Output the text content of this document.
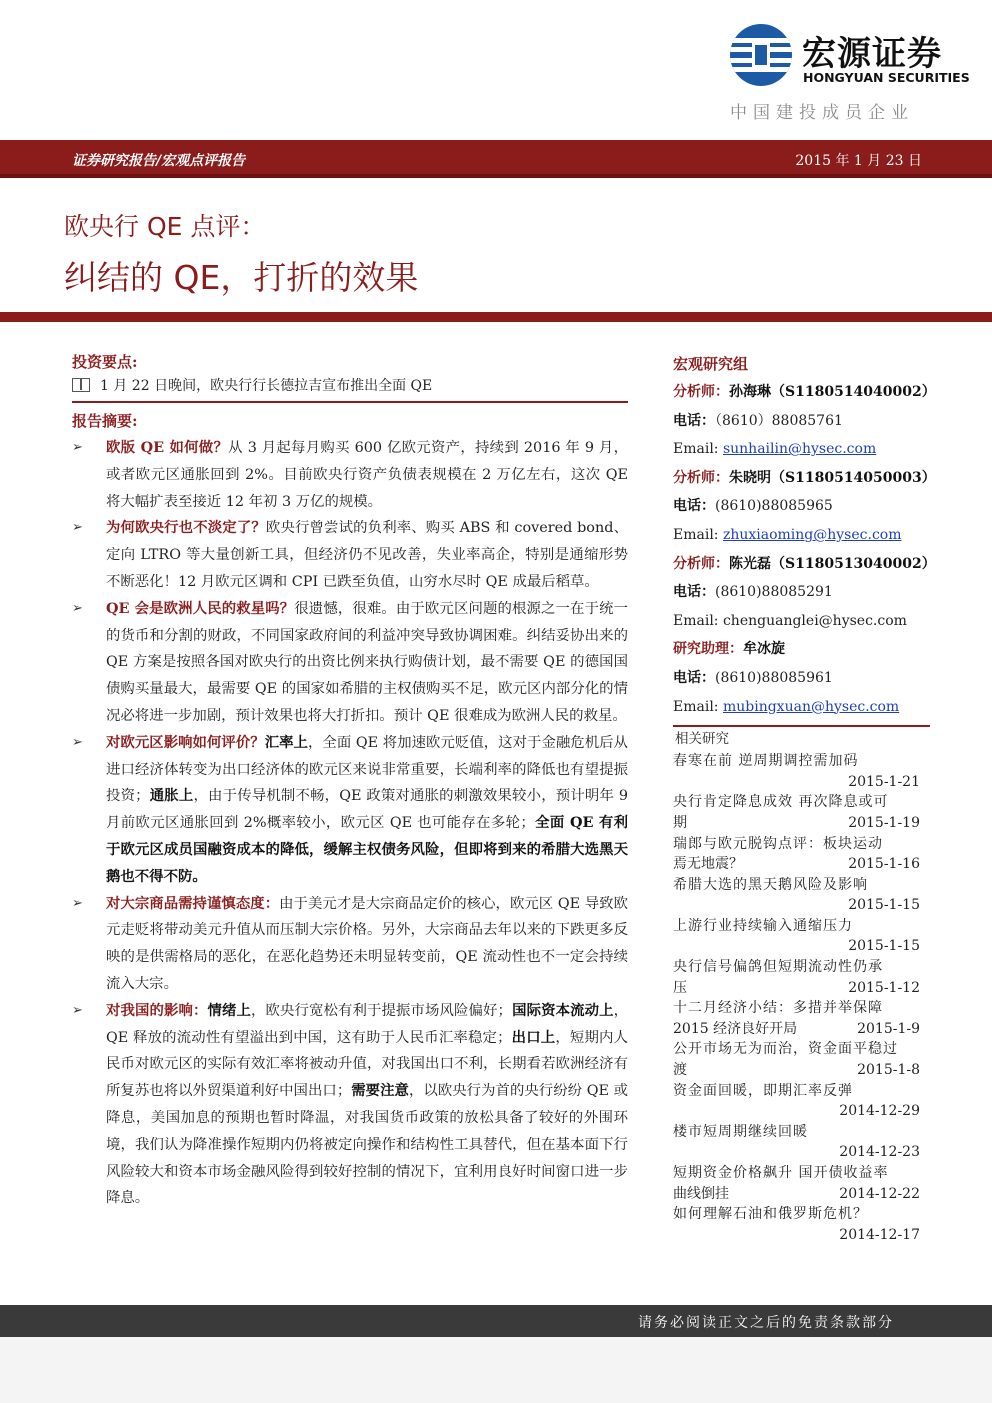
宏源证券
HONGYUAN SECURITIES
中国建投成员企业
证券研究报告/宏观点评报告	2015 年 1 月 23 日
欧央行 QE 点评：
纠结的 QE，打折的效果
投资要点:
1 月 22 日晚间，欧央行行长德拉吉宣布推出全面 QE
报告摘要:
➢ 欧版 QE 如何做？从 3 月起每月购买 600 亿欧元资产，持续到 2016 年 9 月，或者欧元区通胀回到 2%。目前欧央行资产负债表规模在 2 万亿左右，这次 QE 将大幅扩表至接近 12 年初 3 万亿的规模。
➢ 为何欧央行也不淡定了？欧央行曾尝试的负利率、购买 ABS 和 covered bond、定向 LTRO 等大量创新工具，但经济仍不见改善，失业率高企，特别是通缩形势不断恶化！12 月欧元区调和 CPI 已跌至负值，山穷水尽时 QE 成最后稻草。
➢ QE 会是欧洲人民的救星吗？很遗憾，很难。由于欧元区问题的根源之一在于统一的货币和分割的财政，不同国家政府间的利益冲突导致协调困难。纠结妥协出来的 QE 方案是按照各国对欧央行的出资比例来执行购债计划，最不需要 QE 的德国国债购买量最大，最需要 QE 的国家如希腊的主权债购买不足，欧元区内部分化的情况必将进一步加剧，预计效果也将大打折扣。预计 QE 很难成为欧洲人民的救星。
➢ 对欧元区影响如何评价？汇率上，全面 QE 将加速欧元贬值，这对于金融危机后从进口经济体转变为出口经济体的欧元区来说非常重要，长端利率的降低也有望提振投资；通胀上，由于传导机制不畅，QE 政策对通胀的刺激效果较小，预计明年 9 月前欧元区通胀回到 2%概率较小，欧元区 QE 也可能存在多轮；全面 QE 有利于欧元区成员国融资成本的降低，缓解主权债务风险，但即将到来的希腊大选黑天鹅也不得不防。
➢ 对大宗商品需持谨慎态度：由于美元才是大宗商品定价的核心，欧元区 QE 导致欧元走贬将带动美元升值从而压制大宗价格。另外，大宗商品去年以来的下跌更多反映的是供需格局的恶化，在恶化趋势还未明显转变前，QE 流动性也不一定会持续流入大宗。
➢ 对我国的影响：情绪上，欧央行宽松有利于提振市场风险偏好；国际资本流动上，QE 释放的流动性有望溢出到中国，这有助于人民币汇率稳定；出口上，短期内人民币对欧元区的实际有效汇率将被动升值，对我国出口不利，长期看若欧洲经济有所复苏也将以外贸渠道利好中国出口；需要注意，以欧央行为首的央行纷纷 QE 或降息，美国加息的预期也暂时降温，对我国货币政策的放松具备了较好的外围环境，我们认为降准操作短期内仍将被定向操作和结构性工具替代，但在基本面下行风险较大和资本市场金融风险得到较好控制的情况下，宜利用良好时间窗口进一步降息。
宏观研究组
分析师：孙海琳（S1180514040002）
电话：（8610）88085761
Email: sunhailin@hysec.com
分析师：朱晓明（S1180514050003）
电话：(8610)88085965
Email: zhuxiaoming@hysec.com
分析师：陈光磊（S1180513040002）
电话：(8610)88085291
Email: chenguanglei@hysec.com
研究助理：牟冰旋
电话：(8610)88085961
Email: mubingxuan@hysec.com
相关研究
春寒在前 逆周期调控需加码
2015-1-21
央行肯定降息成效 再次降息或可
期	2015-1-19
瑞郎与欧元脱钩点评：板块运动
焉无地震？	2015-1-16
希腊大选的黑天鹅风险及影响
2015-1-15
上游行业持续输入通缩压力
2015-1-15
央行信号偏鸽但短期流动性仍承
压	2015-1-12
十二月经济小结：多措并举保障
2015 经济良好开局	2015-1-9
公开市场无为而治，资金面平稳过
渡	2015-1-8
资金面回暖，即期汇率反弹
2014-12-29
楼市短周期继续回暖
2014-12-23
短期资金价格飙升 国开债收益率
曲线倒挂	2014-12-22
如何理解石油和俄罗斯危机？
2014-12-17
请务必阅读正文之后的免责条款部分
